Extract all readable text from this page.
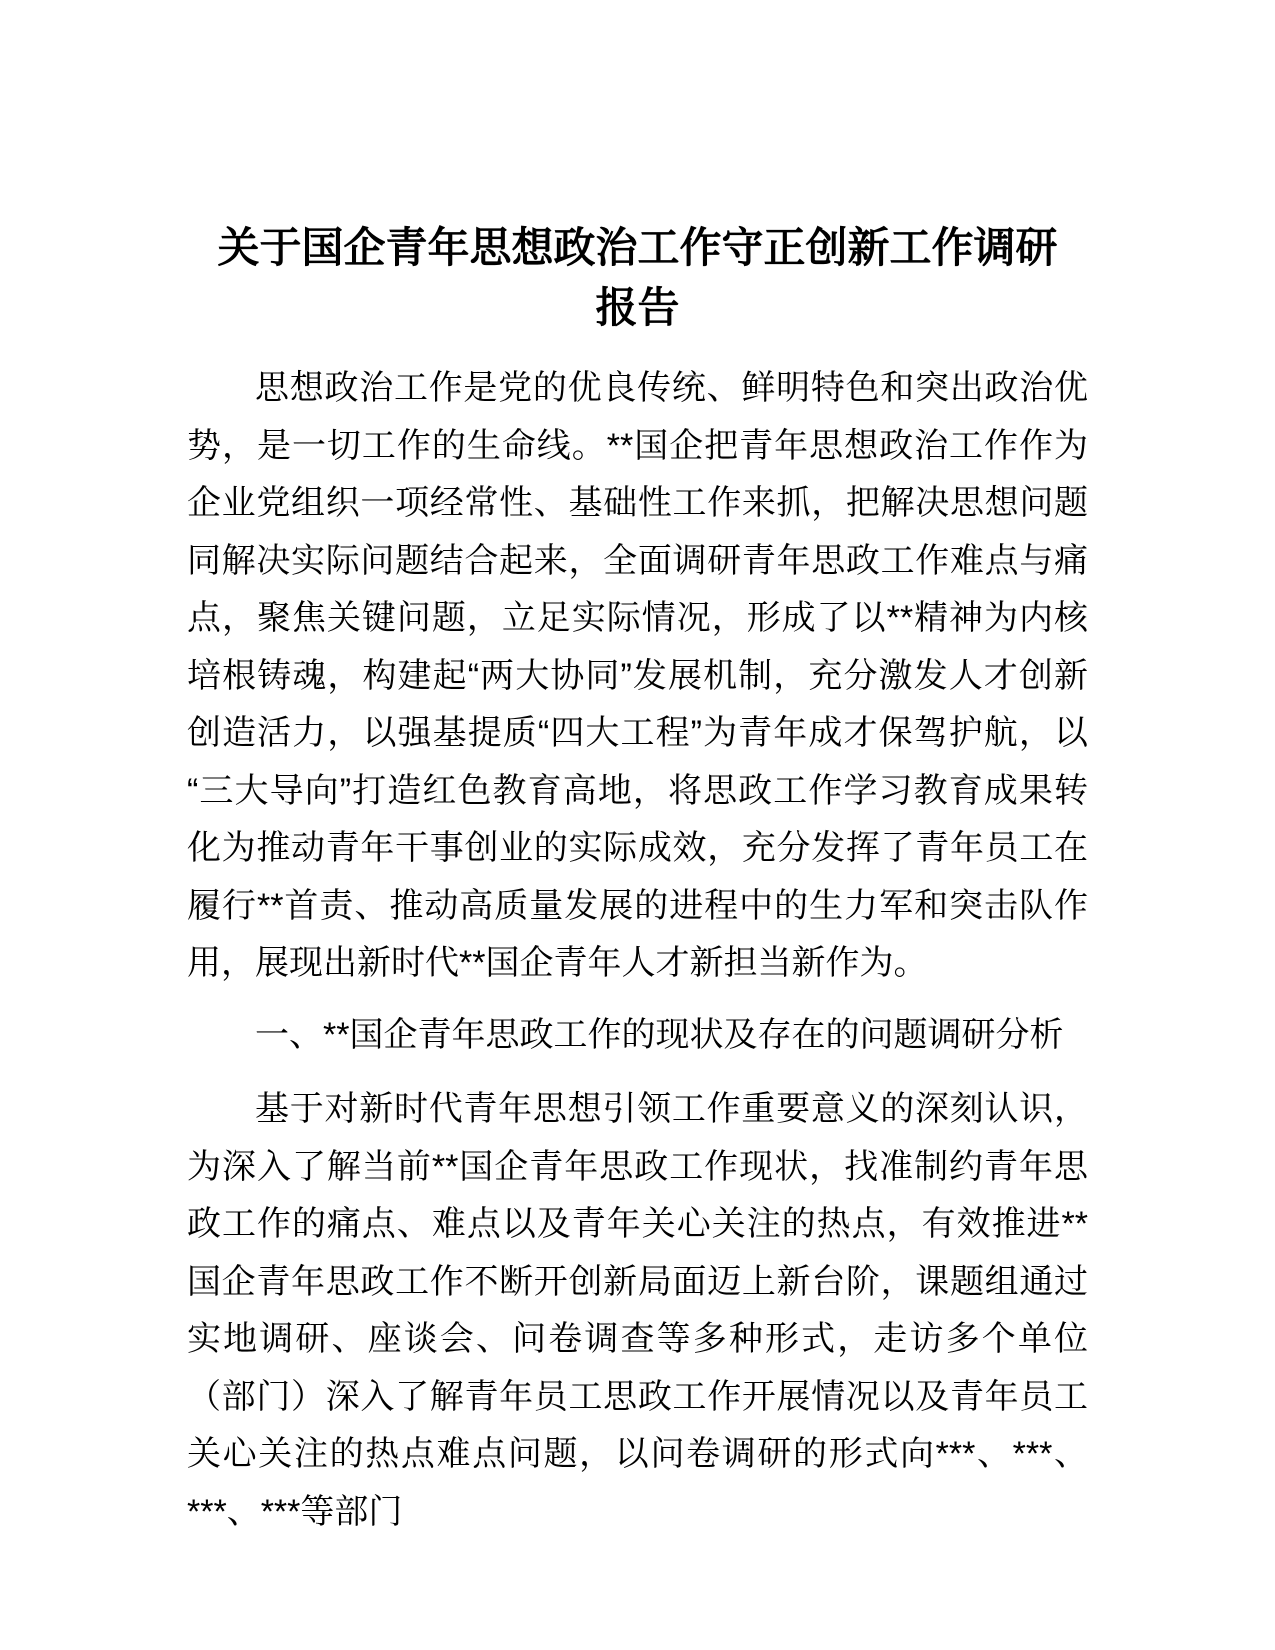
关于国企青年思想政治工作守正创新工作调研
报告

思想政治工作是党的优良传统、鲜明特色和突出政治优势，是一切工作的生命线。**国企把青年思想政治工作作为企业党组织一项经常性、基础性工作来抓，把解决思想问题同解决实际问题结合起来，全面调研青年思政工作难点与痛点，聚焦关键问题，立足实际情况，形成了以**精神为内核培根铸魂，构建起“两大协同”发展机制，充分激发人才创新创造活力，以强基提质“四大工程”为青年成才保驾护航，以“三大导向”打造红色教育高地，将思政工作学习教育成果转化为推动青年干事创业的实际成效，充分发挥了青年员工在履行**首责、推动高质量发展的进程中的生力军和突击队作用，展现出新时代**国企青年人才新担当新作为。

一、**国企青年思政工作的现状及存在的问题调研分析

基于对新时代青年思想引领工作重要意义的深刻认识，为深入了解当前**国企青年思政工作现状，找准制约青年思政工作的痛点、难点以及青年关心关注的热点，有效推进**国企青年思政工作不断开创新局面迈上新台阶，课题组通过实地调研、座谈会、问卷调查等多种形式，走访多个单位（部门）深入了解青年员工思政工作开展情况以及青年员工关心关注的热点难点问题，以问卷调研的形式向***、***、***、***等部门
